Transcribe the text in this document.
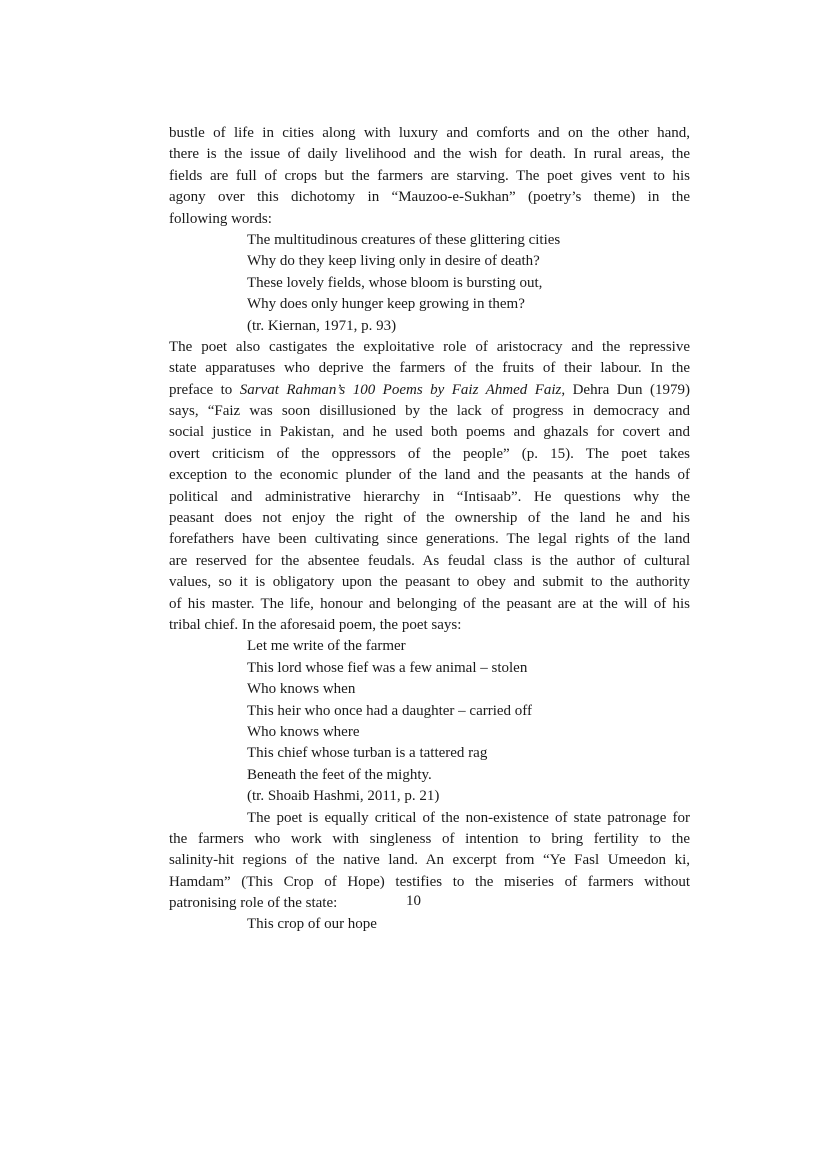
bustle of life in cities along with luxury and comforts and on the other hand,
there is the issue of daily livelihood and the wish for death. In rural areas, the
fields are full of crops but the farmers are starving. The poet gives vent to his
agony over this dichotomy in “Mauzoo-e-Sukhan” (poetry’s theme) in the
following words:
The multitudinous creatures of these glittering cities
Why do they keep living only in desire of death?
These lovely fields, whose bloom is bursting out,
Why does only hunger keep growing in them?
(tr. Kiernan, 1971, p. 93)
The poet also castigates the exploitative role of aristocracy and the repressive
state apparatuses who deprive the farmers of the fruits of their labour. In the
preface to Sarvat Rahman’s 100 Poems by Faiz Ahmed Faiz, Dehra Dun (1979)
says, “Faiz was soon disillusioned by the lack of progress in democracy and
social justice in Pakistan, and he used both poems and ghazals for covert and
overt criticism of the oppressors of the people” (p. 15). The poet takes
exception to the economic plunder of the land and the peasants at the hands of
political and administrative hierarchy in “Intisaab”. He questions why the
peasant does not enjoy the right of the ownership of the land he and his
forefathers have been cultivating since generations. The legal rights of the land
are reserved for the absentee feudals. As feudal class is the author of cultural
values, so it is obligatory upon the peasant to obey and submit to the authority
of his master. The life, honour and belonging of the peasant are at the will of his
tribal chief. In the aforesaid poem, the poet says:
Let me write of the farmer
This lord whose fief was a few animal – stolen
Who knows when
This heir who once had a daughter – carried off
Who knows where
This chief whose turban is a tattered rag
Beneath the feet of the mighty.
(tr. Shoaib Hashmi, 2011, p. 21)
The poet is equally critical of the non-existence of state patronage for
the farmers who work with singleness of intention to bring fertility to the
salinity-hit regions of the native land. An excerpt from “Ye Fasl Umeedon ki,
Hamdam” (This Crop of Hope) testifies to the miseries of farmers without
patronising role of the state:
This crop of our hope
10
